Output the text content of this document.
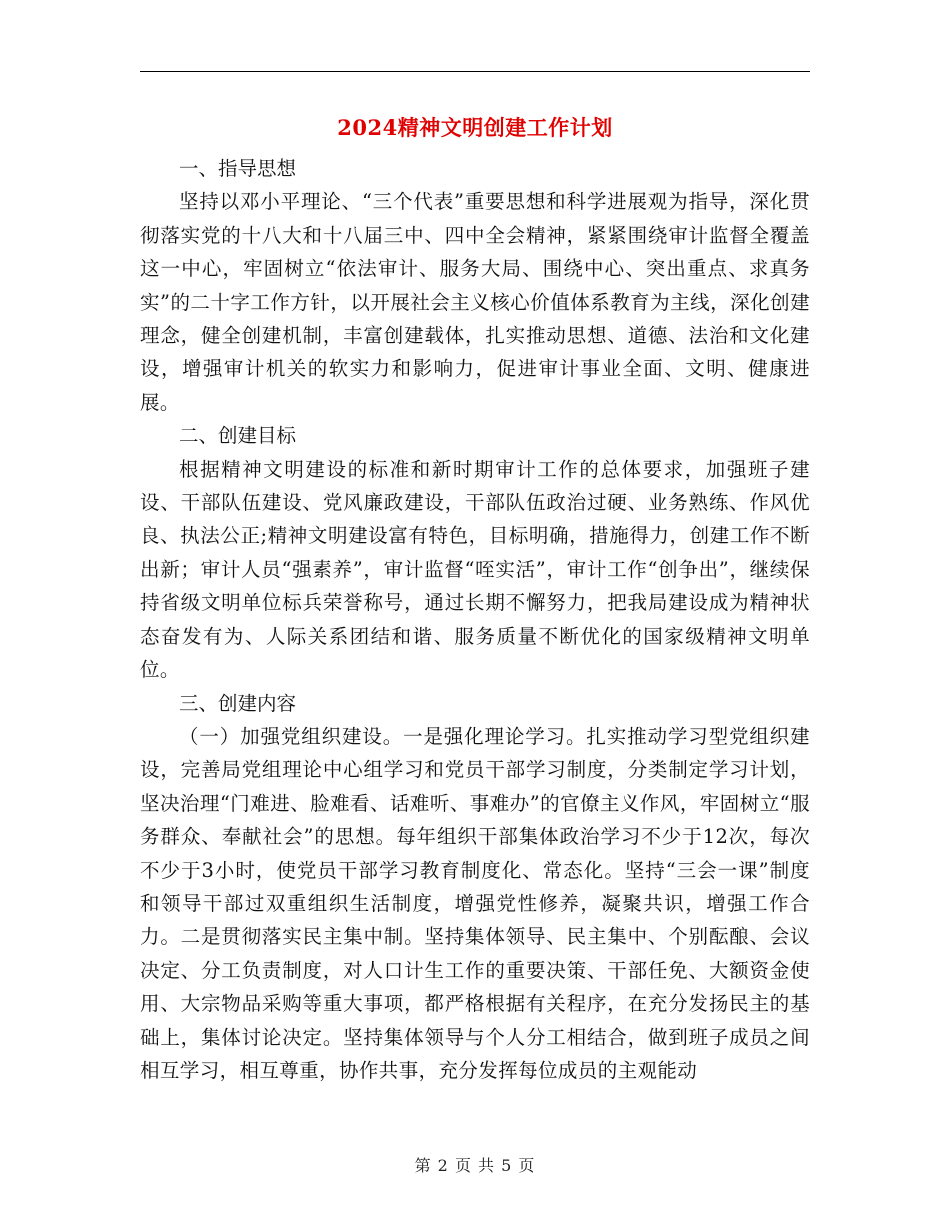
2024精神文明创建工作计划

一、指导思想

坚持以邓小平理论、“三个代表”重要思想和科学进展观为指导，深化贯彻落实党的十八大和十八届三中、四中全会精神，紧紧围绕审计监督全覆盖这一中心，牢固树立“依法审计、服务大局、围绕中心、突出重点、求真务实”的二十字工作方针，以开展社会主义核心价值体系教育为主线，深化创建理念，健全创建机制，丰富创建载体，扎实推动思想、道德、法治和文化建设，增强审计机关的软实力和影响力，促进审计事业全面、文明、健康进展。

二、创建目标

根据精神文明建设的标准和新时期审计工作的总体要求，加强班子建设、干部队伍建设、党风廉政建设，干部队伍政治过硬、业务熟练、作风优良、执法公正;精神文明建设富有特色，目标明确，措施得力，创建工作不断出新；审计人员“强素养”，审计监督“咥实活”，审计工作“创争出”，继续保持省级文明单位标兵荣誉称号，通过长期不懈努力，把我局建设成为精神状态奋发有为、人际关系团结和谐、服务质量不断优化的国家级精神文明单位。

三、创建内容

（一）加强党组织建设。一是强化理论学习。扎实推动学习型党组织建设，完善局党组理论中心组学习和党员干部学习制度，分类制定学习计划，坚决治理“门难进、脸难看、话难听、事难办”的官僚主义作风，牢固树立“服务群众、奉献社会”的思想。每年组织干部集体政治学习不少于12次，每次不少于3小时，使党员干部学习教育制度化、常态化。坚持“三会一课”制度和领导干部过双重组织生活制度，增强党性修养，凝聚共识，增强工作合力。二是贯彻落实民主集中制。坚持集体领导、民主集中、个别酝酿、会议决定、分工负责制度，对人口计生工作的重要决策、干部任免、大额资金使用、大宗物品采购等重大事项，都严格根据有关程序，在充分发扬民主的基础上，集体讨论决定。坚持集体领导与个人分工相结合，做到班子成员之间相互学习，相互尊重，协作共事，充分发挥每位成员的主观能动

第 2 页 共 5 页
